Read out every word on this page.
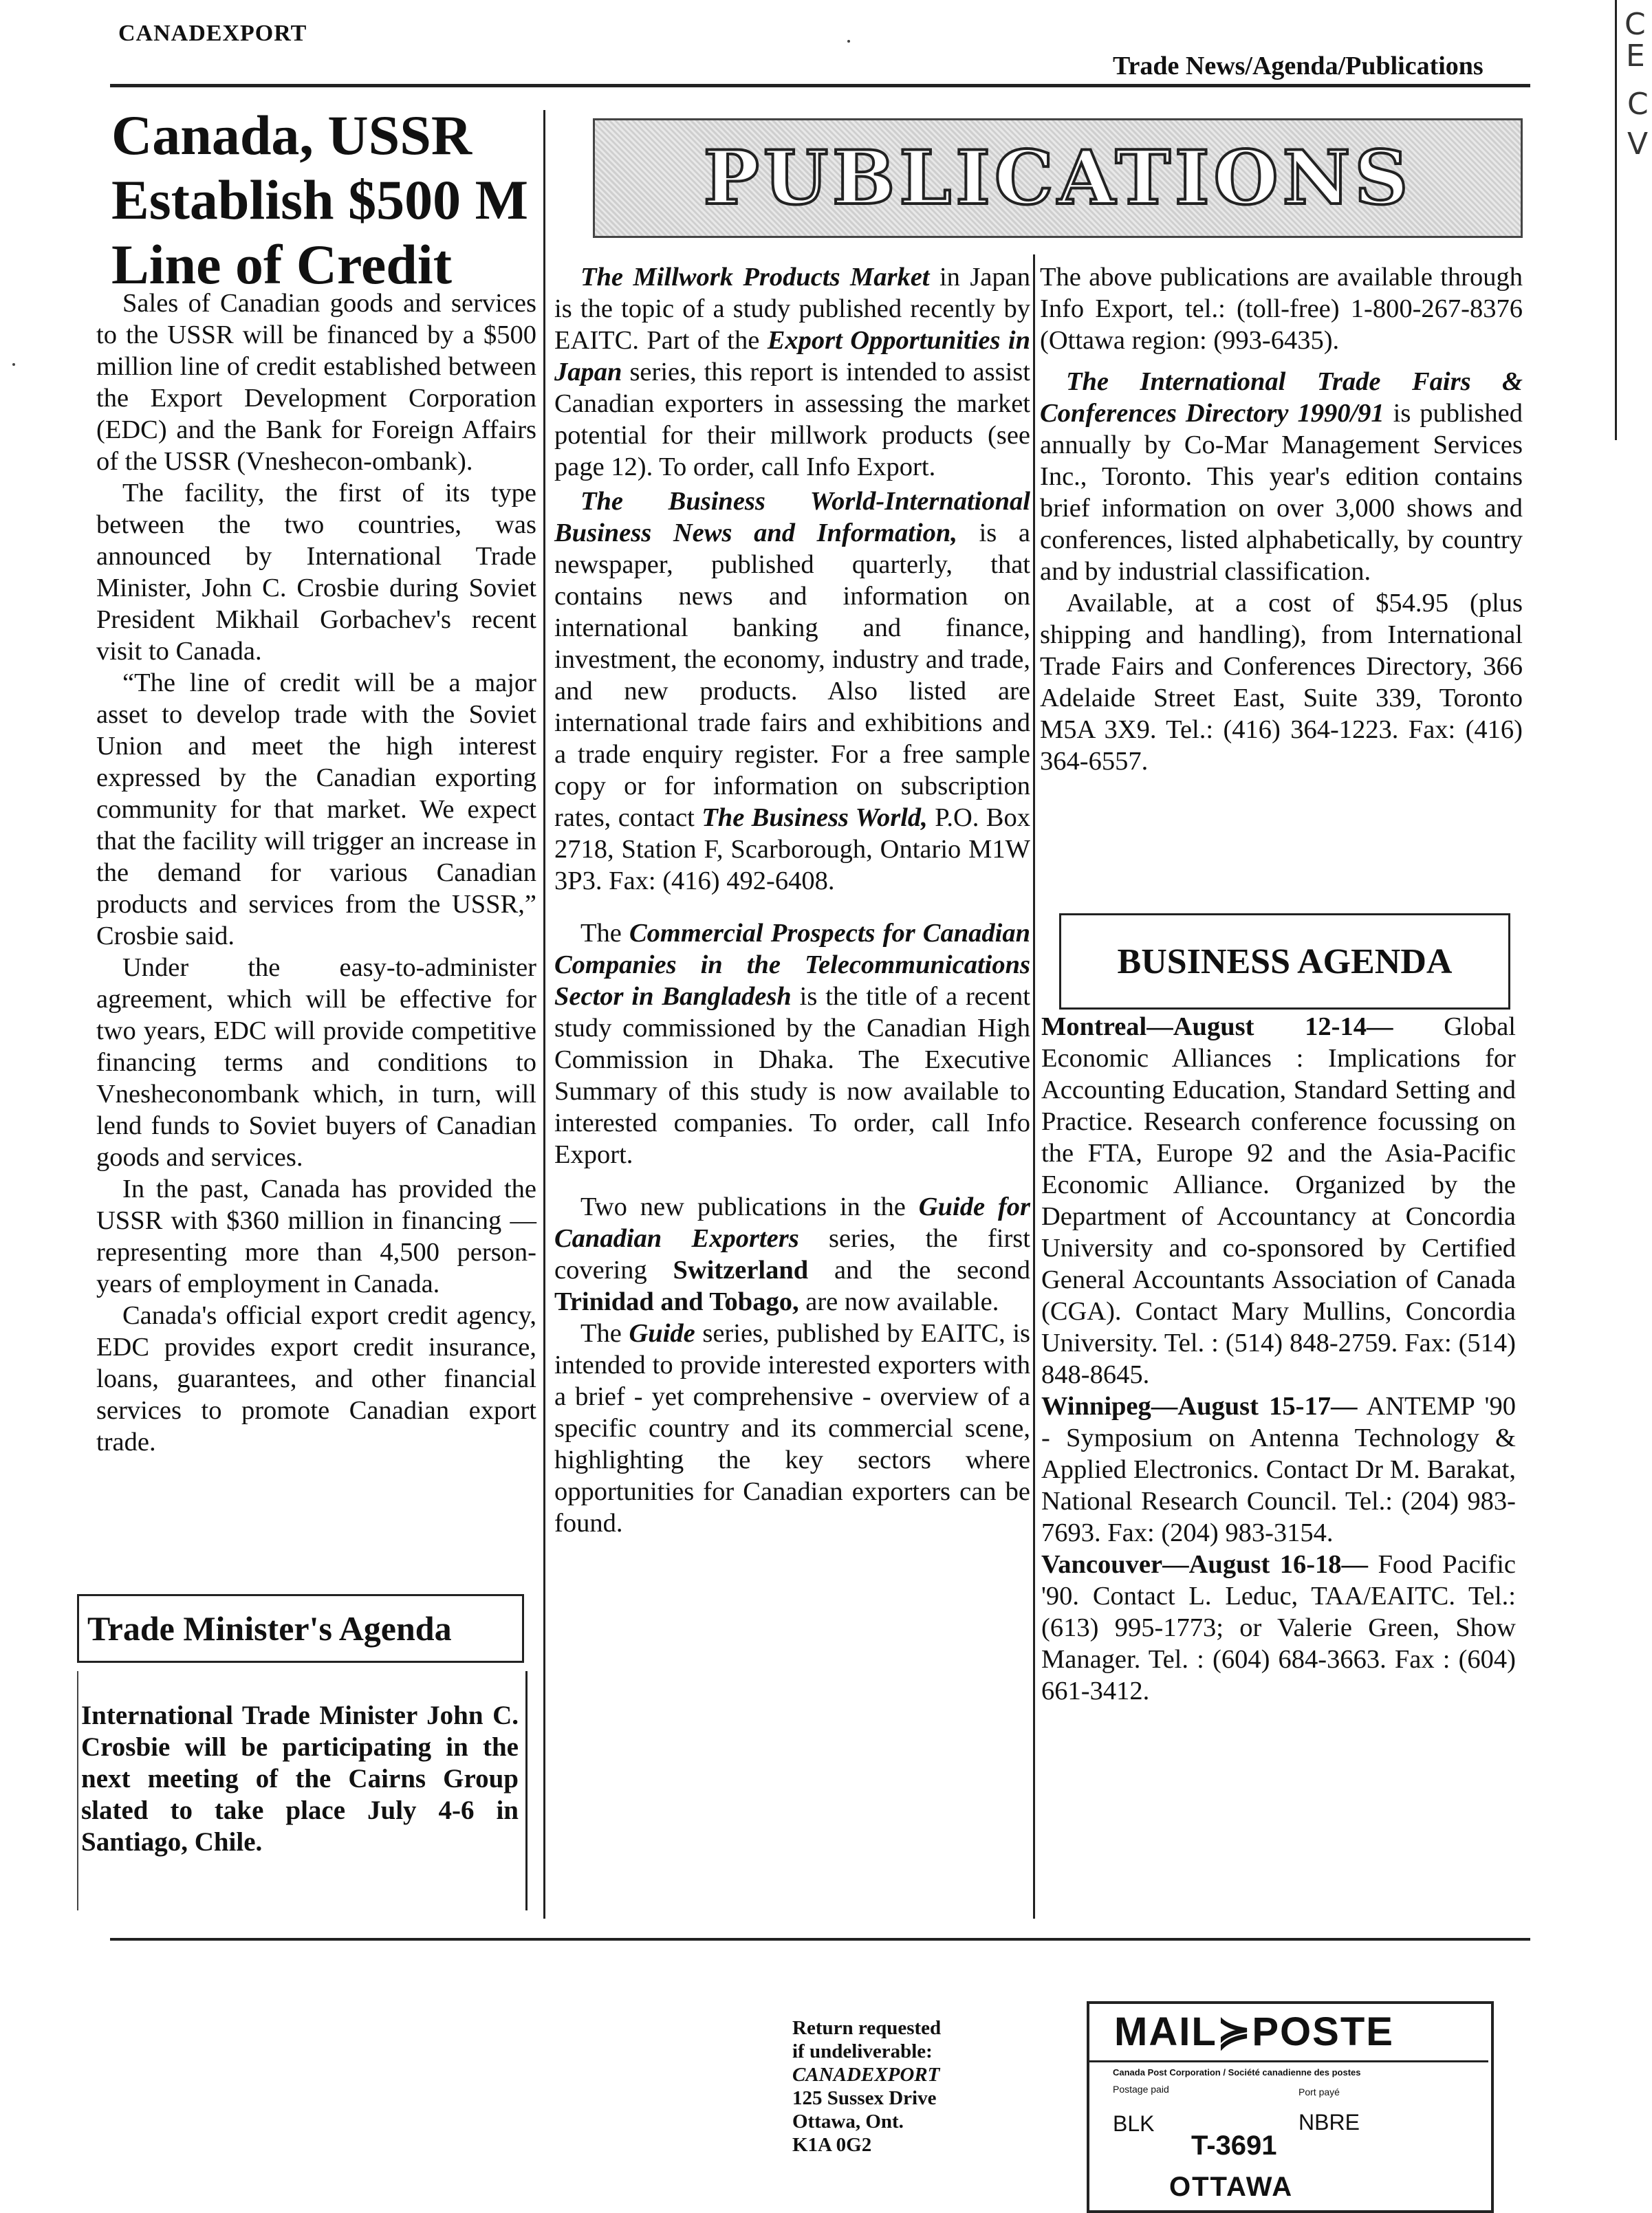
CANADEXPORT
Trade News/Agenda/Publications
C
E
C
V
Canada, USSR Establish $500 M Line of Credit

Sales of Canadian goods and services to the USSR will be financed by a $500 million line of credit established between the Export Development Corporation (EDC) and the Bank for Foreign Affairs of the USSR (Vneshecon-ombank).

The facility, the first of its type between the two countries, was announced by International Trade Minister, John C. Crosbie during Soviet President Mikhail Gorbachev's recent visit to Canada.

“The line of credit will be a major asset to develop trade with the Soviet Union and meet the high interest expressed by the Canadian exporting community for that market. We expect that the facility will trigger an increase in the demand for various Canadian products and services from the USSR,” Crosbie said.

Under the easy-to-administer agreement, which will be effective for two years, EDC will provide competitive financing terms and conditions to Vnesheconombank which, in turn, will lend funds to Soviet buyers of Canadian goods and services.

In the past, Canada has provided the USSR with $360 million in financing —representing more than 4,500 person-years of employment in Canada.

Canada's official export credit agency, EDC provides export credit insurance, loans, guarantees, and other financial services to promote Canadian export trade.

Trade Minister's Agenda
International Trade Minister John C. Crosbie will be participating in the next meeting of the Cairns Group slated to take place July 4-6 in Santiago, Chile.
PUBLICATIONS

The Millwork Products Market in Japan is the topic of a study published recently by EAITC. Part of the Export Opportunities in Japan series, this report is intended to assist Canadian exporters in assessing the market potential for their millwork products (see page 12). To order, call Info Export.

The Business World-International Business News and Information, is a newspaper, published quarterly, that contains news and information on international banking and finance, investment, the economy, industry and trade, and new products. Also listed are international trade fairs and exhibitions and a trade enquiry register. For a free sample copy or for information on subscription rates, contact The Business World, P.O. Box 2718, Station F, Scarborough, Ontario M1W 3P3. Fax: (416) 492-6408.

The Commercial Prospects for Canadian Companies in the Telecommunications Sector in Bangladesh is the title of a recent study commissioned by the Canadian High Commission in Dhaka. The Executive Summary of this study is now available to interested companies. To order, call Info Export.

Two new publications in the Guide for Canadian Exporters series, the first covering Switzerland and the second Trinidad and Tobago, are now available.

The Guide series, published by EAITC, is intended to provide interested exporters with a brief - yet comprehensive - overview of a specific country and its commercial scene, highlighting the key sectors where opportunities for Canadian exporters can be found.

The above publications are available through Info Export, tel.: (toll-free) 1-800-267-8376 (Ottawa region: (993-6435).

The International Trade Fairs & Conferences Directory 1990/91 is published annually by Co-Mar Management Services Inc., Toronto. This year's edition contains brief information on over 3,000 shows and conferences, listed alphabetically, by country and by industrial classification.

Available, at a cost of $54.95 (plus shipping and handling), from International Trade Fairs and Conferences Directory, 366 Adelaide Street East, Suite 339, Toronto M5A 3X9. Tel.: (416) 364-1223. Fax: (416) 364-6557.

BUSINESS AGENDA

Montreal—August 12-14— Global Economic Alliances : Implications for Accounting Education, Standard Setting and Practice. Research conference focussing on the FTA, Europe 92 and the Asia-Pacific Economic Alliance. Organized by the Department of Accountancy at Concordia University and co-sponsored by Certified General Accountants Association of Canada (CGA). Contact Mary Mullins, Concordia University. Tel. : (514) 848-2759. Fax: (514) 848-8645.

Winnipeg—August 15-17— ANTEMP '90 - Symposium on Antenna Technology & Applied Electronics. Contact Dr M. Barakat, National Research Council. Tel.: (204) 983-7693. Fax: (204) 983-3154.

Vancouver—August 16-18— Food Pacific '90. Contact L. Leduc, TAA/EAITC. Tel.: (613) 995-1773; or Valerie Green, Show Manager. Tel. : (604) 684-3663. Fax : (604) 661-3412.

Return requested
if undeliverable:
CANADEXPORT
125 Sussex Drive
Ottawa, Ont.
K1A 0G2
MAIL≽POSTE
Canada Post Corporation / Société canadienne des postes
Postage paid	Port payé
BLK	NBRE
T-3691
OTTAWA
